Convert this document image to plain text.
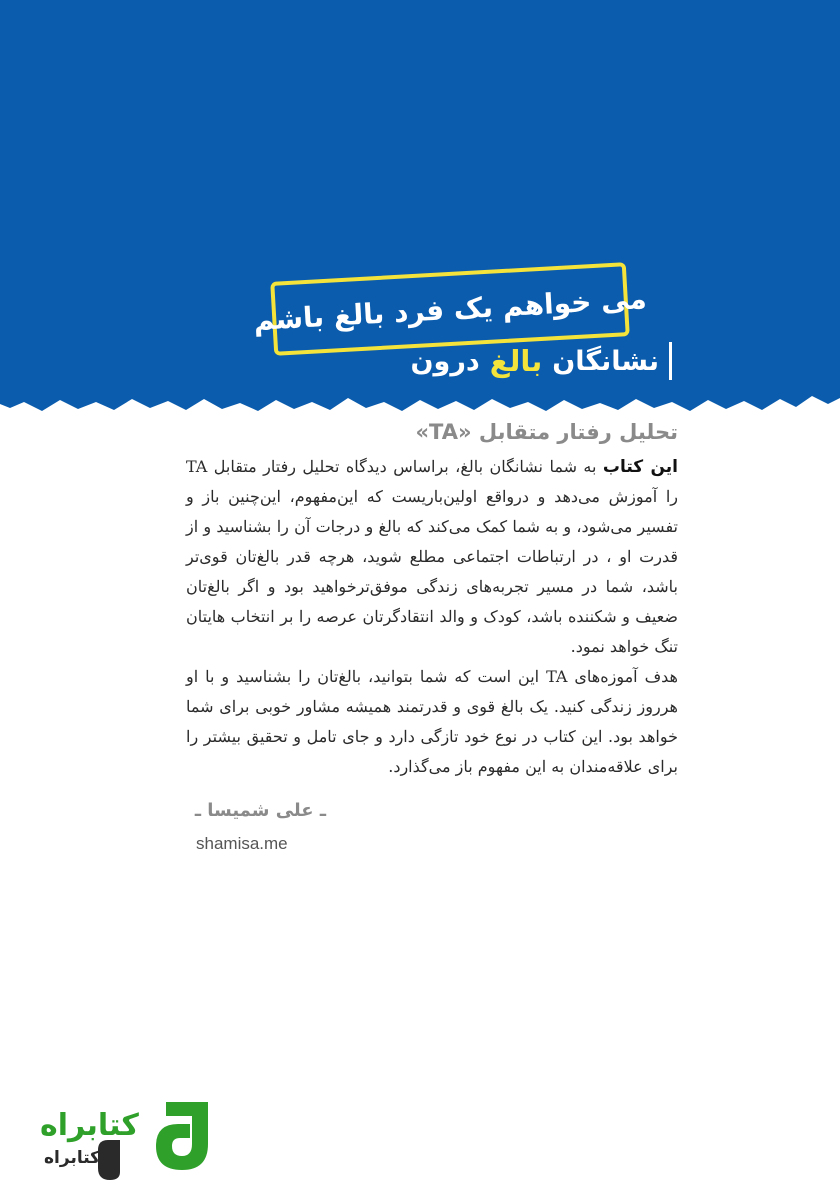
می خواهم یک فرد بالغ باشم
نشانگان
بالغ
درون
تحلیل رفتار متقابل «TA»

این کتاب به شما نشانگان بالغ، براساس دیدگاه تحلیل رفتار متقابل TA را آموزش می‌دهد و درواقع اولین‌باریست که این‌مفهوم، این‌چنین باز و تفسیر می‌شود، و به شما کمک می‌کند که بالغ و درجات آن را بشناسید و از قدرت او ، در ارتباطات اجتماعی مطلع شوید، هرچه قدر بالغ‌تان قوی‌تر باشد، شما در مسیر تجربه‌های زندگی موفق‌ترخواهید بود و اگر بالغ‌تان ضعیف و شکننده باشد، کودک و والد انتقادگرتان عرصه را بر انتخاب هایتان تنگ خواهد نمود.

هدف آموزه‌های TA این است که شما بتوانید، بالغ‌تان را بشناسید و با او هرروز زندگی کنید. یک بالغ قوی و قدرتمند همیشه مشاور خوبی برای شما خواهد بود. این کتاب در نوع خود تازگی دارد و جای تامل و تحقیق بیشتر را برای علاقه‌مندان به این مفهوم باز می‌گذارد.

ـ علی شمیسا ـ
shamisa.me
کتابراه
کتابراه
